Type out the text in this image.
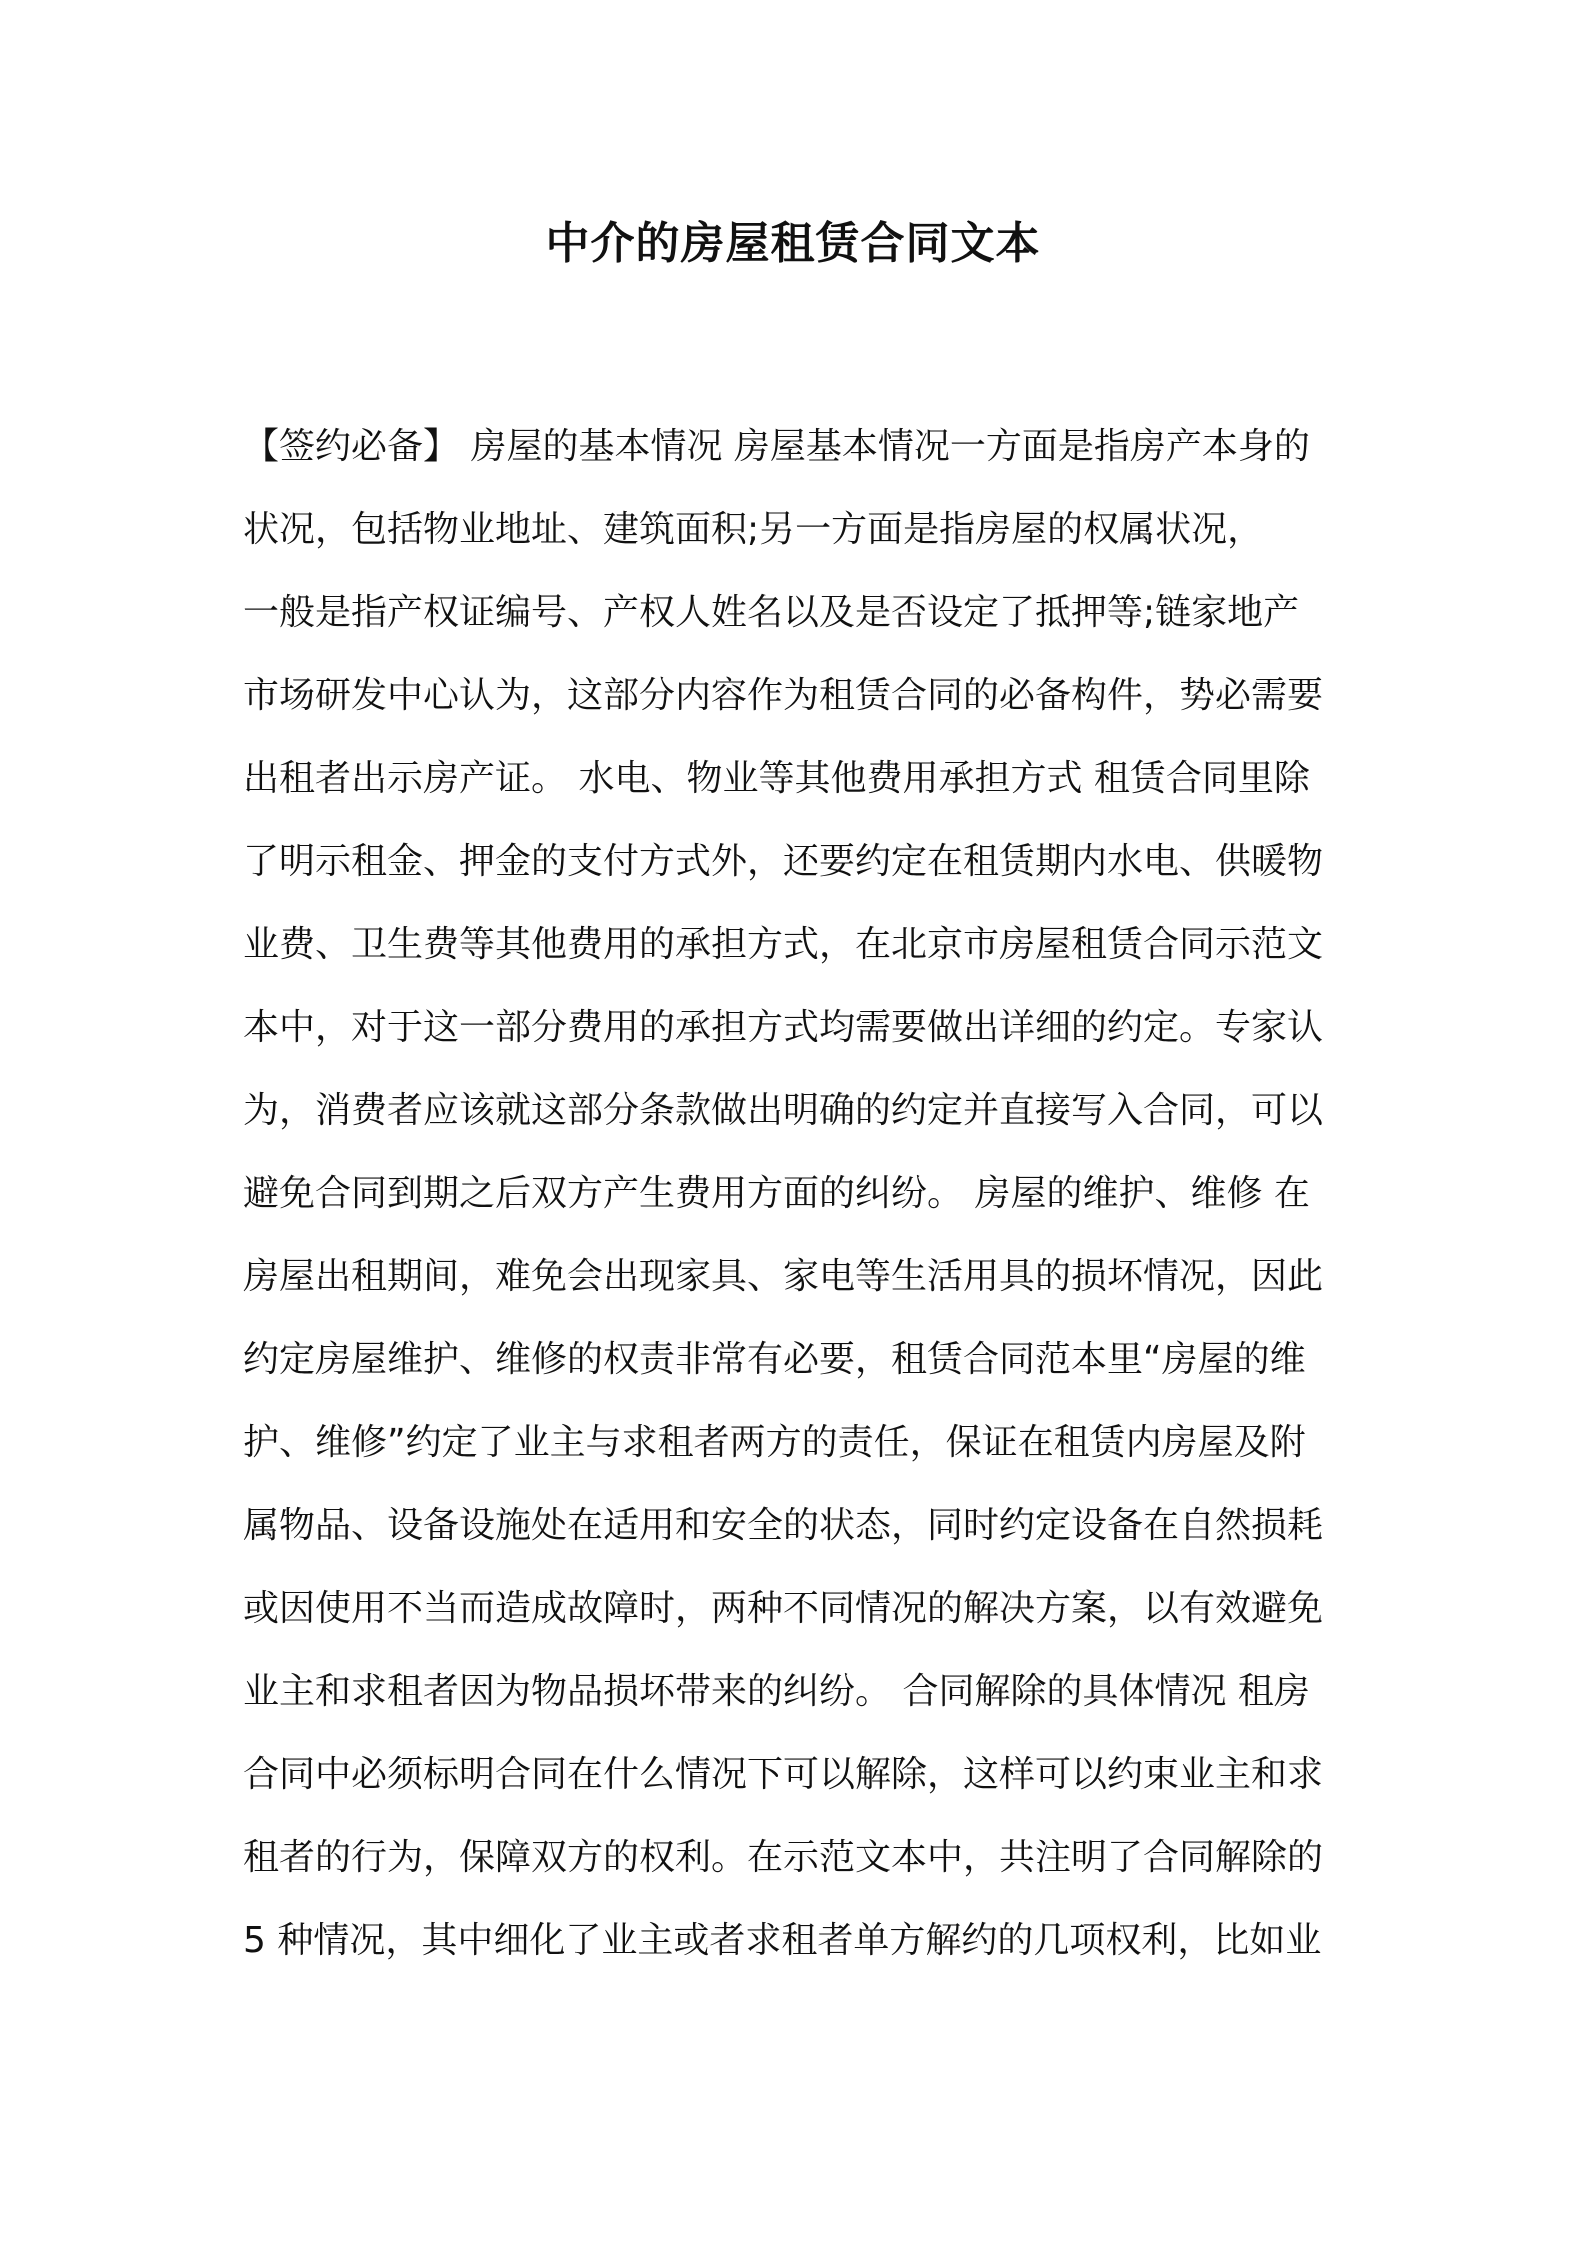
中介的房屋租赁合同文本
【签约必备】 房屋的基本情况 房屋基本情况一方面是指房产本身的
状况，包括物业地址、建筑面积;另一方面是指房屋的权属状况，
一般是指产权证编号、产权人姓名以及是否设定了抵押等;链家地产
市场研发中心认为，这部分内容作为租赁合同的必备构件，势必需要
出租者出示房产证。 水电、物业等其他费用承担方式 租赁合同里除
了明示租金、押金的支付方式外，还要约定在租赁期内水电、供暖物
业费、卫生费等其他费用的承担方式，在北京市房屋租赁合同示范文
本中，对于这一部分费用的承担方式均需要做出详细的约定。专家认
为，消费者应该就这部分条款做出明确的约定并直接写入合同，可以
避免合同到期之后双方产生费用方面的纠纷。 房屋的维护、维修 在
房屋出租期间，难免会出现家具、家电等生活用具的损坏情况，因此
约定房屋维护、维修的权责非常有必要，租赁合同范本里“房屋的维
护、维修”约定了业主与求租者两方的责任，保证在租赁内房屋及附
属物品、设备设施处在适用和安全的状态，同时约定设备在自然损耗
或因使用不当而造成故障时，两种不同情况的解决方案，以有效避免
业主和求租者因为物品损坏带来的纠纷。 合同解除的具体情况 租房
合同中必须标明合同在什么情况下可以解除，这样可以约束业主和求
租者的行为，保障双方的权利。在示范文本中，共注明了合同解除的
5 种情况，其中细化了业主或者求租者单方解约的几项权利，比如业
